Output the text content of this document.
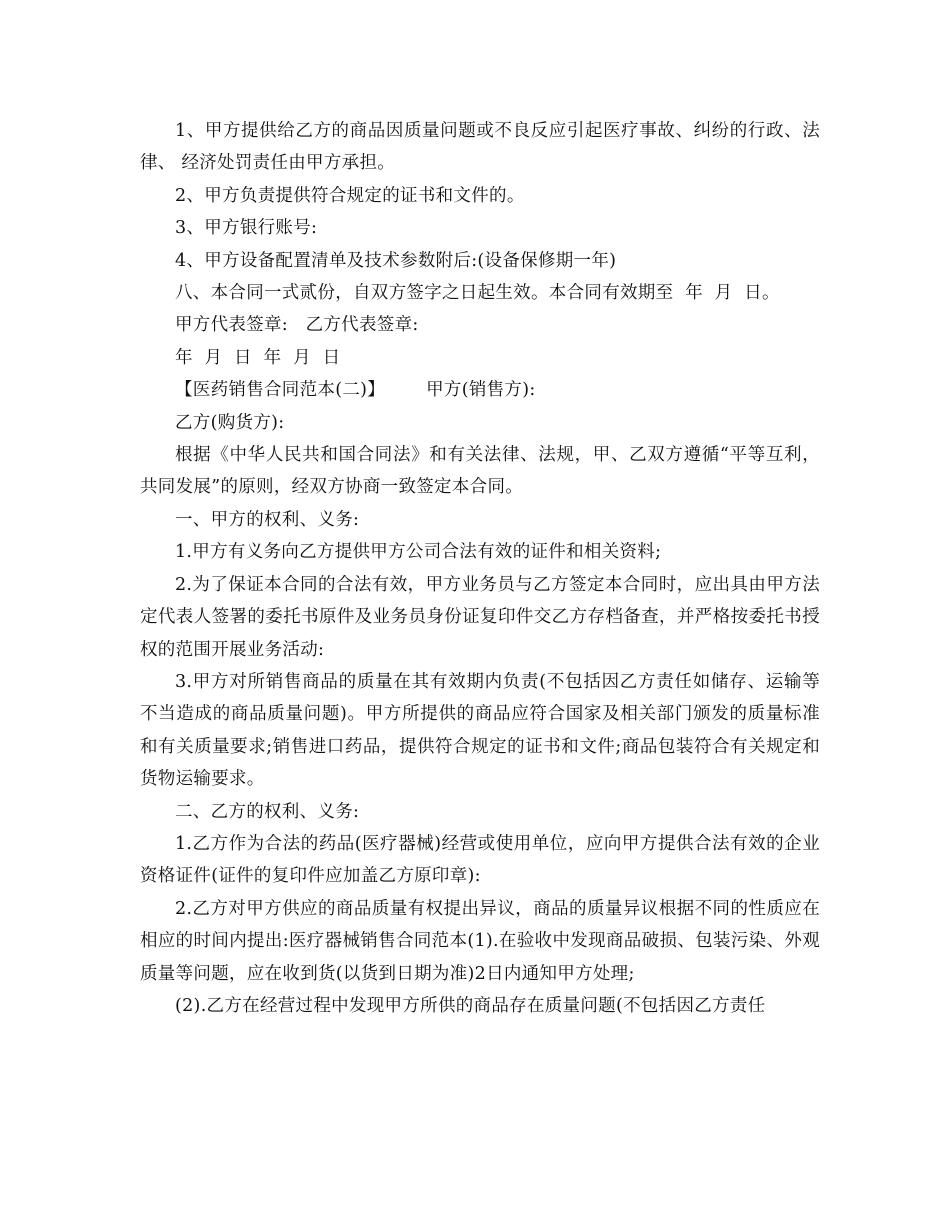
1、甲方提供给乙方的商品因质量问题或不良反应引起医疗事故、纠纷的行政、法律、 经济处罚责任由甲方承担。

2、甲方负责提供符合规定的证书和文件的。

3、甲方银行账号:

4、甲方设备配置清单及技术参数附后:(设备保修期一年)

八、本合同一式贰份，自双方签字之日起生效。本合同有效期至  年  月  日。

甲方代表签章:   乙方代表签章:

年  月  日  年  月  日

【医药销售合同范本(二)】       甲方(销售方):

乙方(购货方):

根据《中华人民共和国合同法》和有关法律、法规，甲、乙双方遵循“平等互利，共同发展”的原则，经双方协商一致签定本合同。

一、甲方的权利、义务:

1.甲方有义务向乙方提供甲方公司合法有效的证件和相关资料;

2.为了保证本合同的合法有效，甲方业务员与乙方签定本合同时，应出具由甲方法定代表人签署的委托书原件及业务员身份证复印件交乙方存档备查，并严格按委托书授权的范围开展业务活动:

3.甲方对所销售商品的质量在其有效期内负责(不包括因乙方责任如储存、运输等不当造成的商品质量问题)。甲方所提供的商品应符合国家及相关部门颁发的质量标准和有关质量要求;销售进口药品，提供符合规定的证书和文件;商品包装符合有关规定和货物运输要求。

二、乙方的权利、义务:

1.乙方作为合法的药品(医疗器械)经营或使用单位，应向甲方提供合法有效的企业资格证件(证件的复印件应加盖乙方原印章):

2.乙方对甲方供应的商品质量有权提出异议，商品的质量异议根据不同的性质应在相应的时间内提出:医疗器械销售合同范本(1).在验收中发现商品破损、包装污染、外观质量等问题，应在收到货(以货到日期为准)2日内通知甲方处理;

(2).乙方在经营过程中发现甲方所供的商品存在质量问题(不包括因乙方责任
